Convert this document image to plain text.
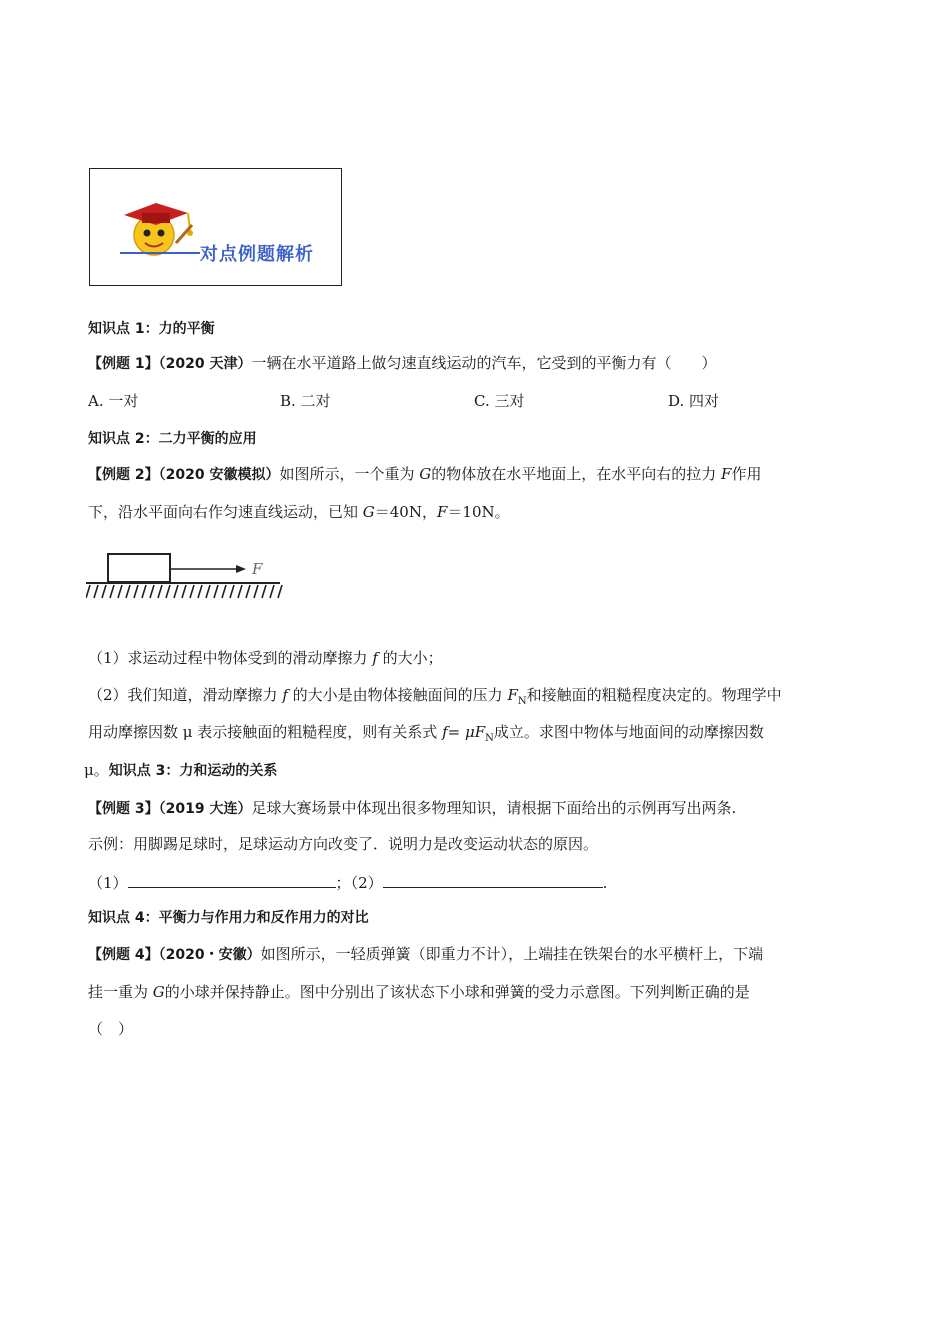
对点例题解析
知识点 1：力的平衡
【例题 1】（2020 天津）一辆在水平道路上做匀速直线运动的汽车，它受到的平衡力有（　　）
A. 一对	B. 二对	C. 三对	D. 四对
知识点 2：二力平衡的应用
【例题 2】（2020 安徽模拟）如图所示，一个重为 G的物体放在水平地面上，在水平向右的拉力 F作用
下，沿水平面向右作匀速直线运动，已知 G＝40N，F＝10N。
F
（1）求运动过程中物体受到的滑动摩擦力 f 的大小；
（2）我们知道，滑动摩擦力 f 的大小是由物体接触面间的压力 $F_N$和接触面的粗糙程度决定的。物理学中
用动摩擦因数 μ 表示接触面的粗糙程度，则有关系式 $f= \mu F_N$成立。求图中物体与地面间的动摩擦因数
μ。知识点 3：力和运动的关系
【例题 3】（2019 大连）足球大赛场景中体现出很多物理知识，请根据下面给出的示例再写出两条.
示例：用脚踢足球时，足球运动方向改变了．说明力是改变运动状态的原因。
（1）	；（2）	.
知识点 4：平衡力与作用力和反作用力的对比
【例题 4】（2020・安徽）如图所示，一轻质弹簧（即重力不计），上端挂在铁架台的水平横杆上，下端
挂一重为 G的小球并保持静止。图中分别出了该状态下小球和弹簧的受力示意图。下列判断正确的是
（　）
